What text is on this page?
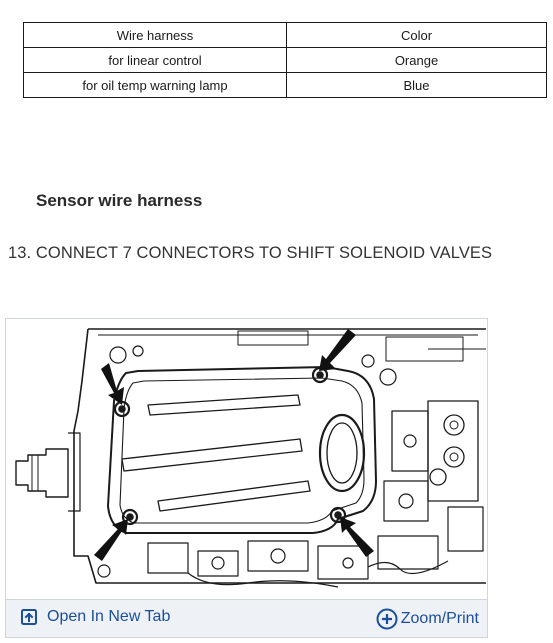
Wire harness	Color
for linear control	Orange
for oil temp warning lamp	Blue
Sensor wire harness
13. CONNECT 7 CONNECTORS TO SHIFT SOLENOID VALVES
Open In New Tab	Zoom/Print
